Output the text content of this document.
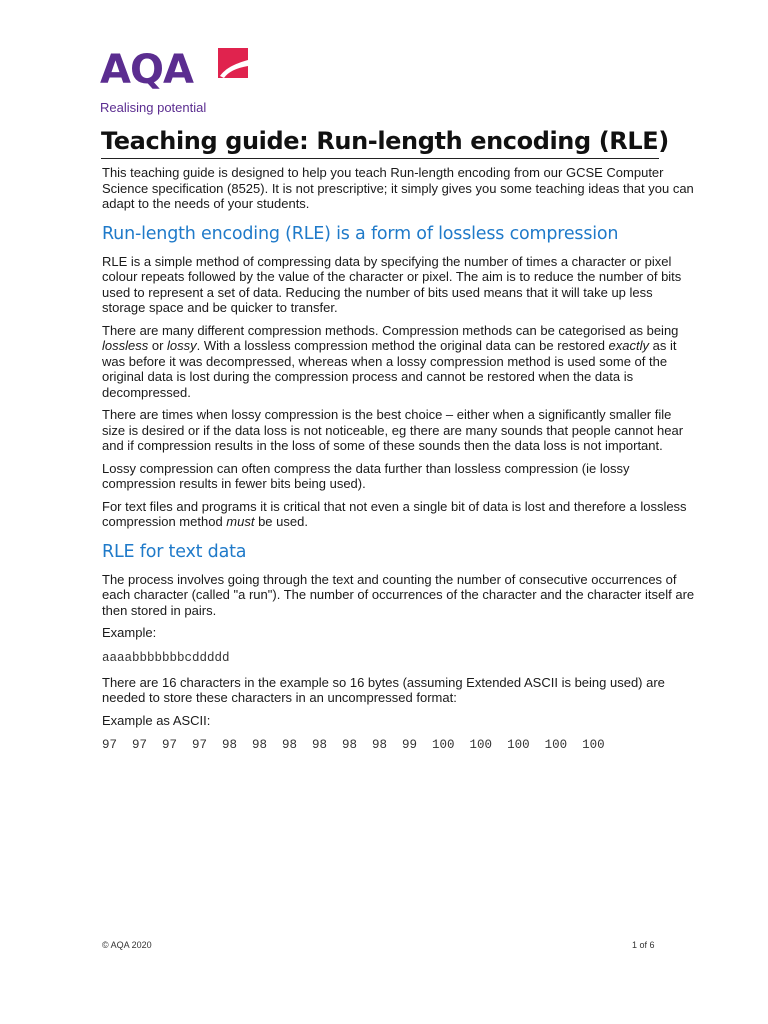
AQA
Realising potential
Teaching guide: Run-length encoding (RLE)

This teaching guide is designed to help you teach Run-length encoding from our GCSE Computer Science specification (8525). It is not prescriptive; it simply gives you some teaching ideas that you can adapt to the needs of your students.

Run-length encoding (RLE) is a form of lossless compression

RLE is a simple method of compressing data by specifying the number of times a character or pixel colour repeats followed by the value of the character or pixel. The aim is to reduce the number of bits used to represent a set of data. Reducing the number of bits used means that it will take up less storage space and be quicker to transfer.

There are many different compression methods. Compression methods can be categorised as being lossless or lossy. With a lossless compression method the original data can be restored exactly as it was before it was decompressed, whereas when a lossy compression method is used some of the original data is lost during the compression process and cannot be restored when the data is decompressed.

There are times when lossy compression is the best choice – either when a significantly smaller file size is desired or if the data loss is not noticeable, eg there are many sounds that people cannot hear and if compression results in the loss of some of these sounds then the data loss is not important.

Lossy compression can often compress the data further than lossless compression (ie lossy compression results in fewer bits being used).

For text files and programs it is critical that not even a single bit of data is lost and therefore a lossless compression method must be used.

RLE for text data

The process involves going through the text and counting the number of consecutive occurrences of each character (called "a run"). The number of occurrences of the character and the character itself are then stored in pairs.

Example:

aaaabbbbbbbcddddd

There are 16 characters in the example so 16 bytes (assuming Extended ASCII is being used) are needed to store these characters in an uncompressed format:

Example as ASCII:

97  97  97  97  98  98  98  98  98  98  99  100  100  100  100  100
© AQA 2020	1 of 6
